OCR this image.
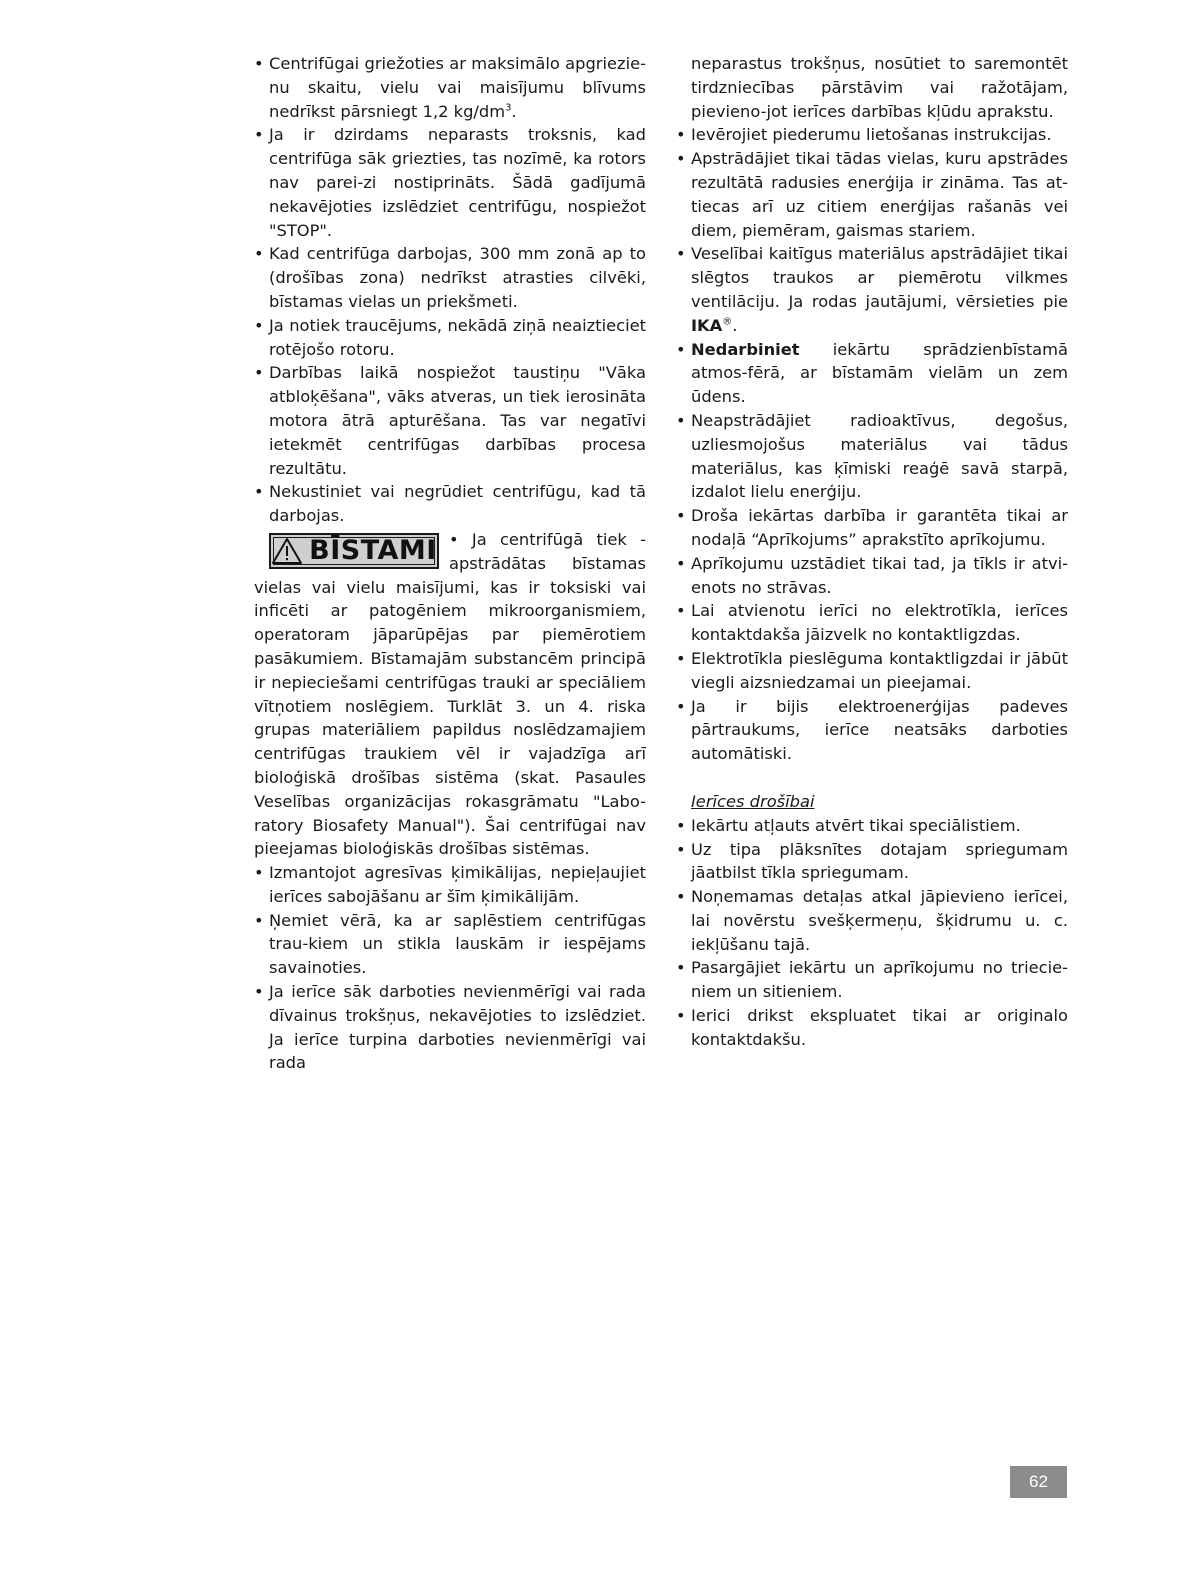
• Centrifūgai griežoties ar maksimālo apgriezie-nu skaitu, vielu vai maisījumu blīvums nedrīkst pārsniegt 1,2 $kg/dm^3$.

• Ja ir dzirdams neparasts troksnis, kad centrifūga sāk griezties, tas nozīmē, ka rotors nav parei-zi nostiprināts. Šādā gadījumā nekavējoties izslēdziet centrifūgu, nospiežot "STOP".

• Kad centrifūga darbojas, 300 mm zonā ap to (drošības zona) nedrīkst atrasties cilvēki, bīstamas vielas un priekšmeti.

• Ja notiek traucējums, nekādā ziņā neaiztieciet rotējošo rotoru.

• Darbības laikā nospiežot taustiņu "Vāka atbloķēšana", vāks atveras, un tiek ierosināta motora ātrā apturēšana. Tas var negatīvi ietekmēt centrifūgas darbības procesa rezultātu.

• Nekustiniet vai negrūdiet centrifūgu, kad tā darbojas.

BĪSTAMI • Ja centrifūgā tiek - apstrādātas bīstamas vielas vai vielu maisījumi, kas ir toksiski vai inficēti ar patogēniem mikroorganismiem, operatoram jāparūpējas par piemērotiem pasākumiem. Bīstamajām substancēm principā ir nepieciešami centrifūgas trauki ar speciāliem vītņotiem noslēgiem. Turklāt 3. un 4. riska grupas materiāliem papildus noslēdzamajiem centrifūgas traukiem vēl ir vajadzīga arī bioloģiskā drošības sistēma (skat. Pasaules Veselības organizācijas rokasgrāmatu "Labo-ratory Biosafety Manual"). Šai centrifūgai nav pieejamas bioloģiskās drošības sistēmas.

• Izmantojot agresīvas ķimikālijas, nepieļaujiet ierīces sabojāšanu ar šīm ķimikālijām.

• Ņemiet vērā, ka ar saplēstiem centrifūgas trau-kiem un stikla lauskām ir iespējams savainoties.

• Ja ierīce sāk darboties nevienmērīgi vai rada dīvainus trokšņus, nekavējoties to izslēdziet. Ja ierīce turpina darboties nevienmērīgi vai rada

neparastus trokšņus, nosūtiet to saremontēt tirdzniecības pārstāvim vai ražotājam, pievieno-jot ierīces darbības kļūdu aprakstu.

• Ievērojiet piederumu lietošanas instrukcijas.

• Apstrādājiet tikai tādas vielas, kuru apstrādes rezultātā radusies enerģija ir zināma. Tas at-tiecas arī uz citiem enerģijas rašanās vei diem, piemēram, gaismas stariem.

• Veselībai kaitīgus materiālus apstrādājiet tikai slēgtos traukos ar piemērotu vilkmes ventilāciju. Ja rodas jautājumi, vērsieties pie IKA®.

• Nedarbiniet iekārtu sprādzienbīstamā atmos-fērā, ar bīstamām vielām un zem ūdens.

• Neapstrādājiet radioaktīvus, degošus, uzliesmojošus materiālus vai tādus materiālus, kas ķīmiski reaģē savā starpā, izdalot lielu enerģiju.

• Droša iekārtas darbība ir garantēta tikai ar nodaļā “Aprīkojums” aprakstīto aprīkojumu.

• Aprīkojumu uzstādiet tikai tad, ja tīkls ir atvi-enots no strāvas.

• Lai atvienotu ierīci no elektrotīkla, ierīces kontaktdakša jāizvelk no kontaktligzdas.

• Elektrotīkla pieslēguma kontaktligzdai ir jābūt viegli aizsniedzamai un pieejamai.

• Ja ir bijis elektroenerģijas padeves pārtraukums, ierīce neatsāks darboties automātiski.

Ierīces drošībai

• Iekārtu atļauts atvērt tikai speciālistiem.

• Uz tipa plāksnītes dotajam spriegumam jāatbilst tīkla spriegumam.

• Noņemamas detaļas atkal jāpievieno ierīcei, lai novērstu svešķermeņu, šķidrumu u. c. iekļūšanu tajā.

• Pasargājiet iekārtu un aprīkojumu no triecie-niem un sitieniem.

• Ierici drikst ekspluatet tikai ar originalo kontaktdakšu.

62
